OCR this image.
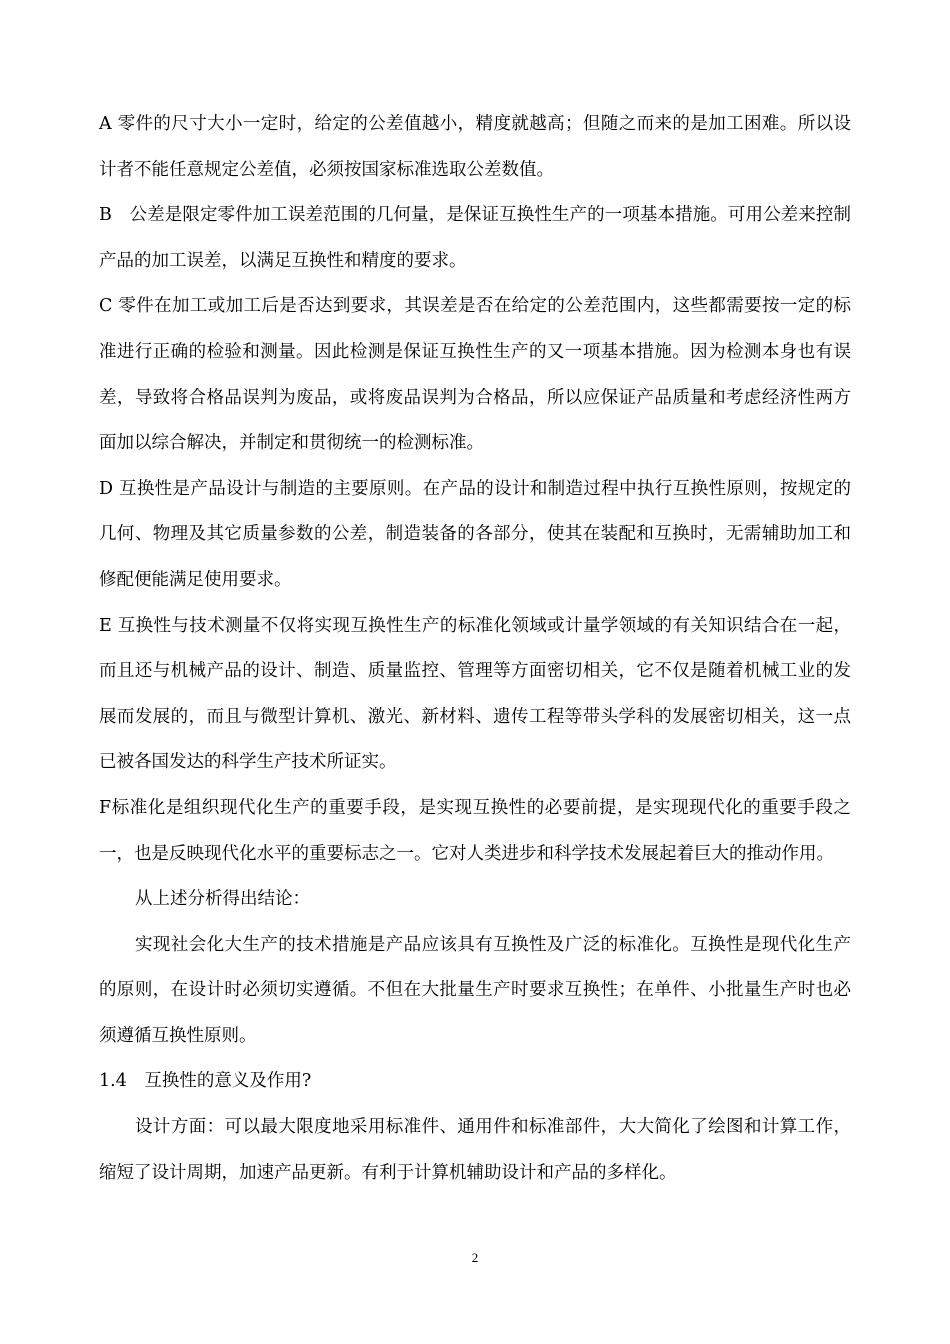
A 零件的尺寸大小一定时，给定的公差值越小，精度就越高；但随之而来的是加工困难。所以设计者不能任意规定公差值，必须按国家标准选取公差数值。

B　公差是限定零件加工误差范围的几何量，是保证互换性生产的一项基本措施。可用公差来控制产品的加工误差，以满足互换性和精度的要求。

C 零件在加工或加工后是否达到要求，其误差是否在给定的公差范围内，这些都需要按一定的标准进行正确的检验和测量。因此检测是保证互换性生产的又一项基本措施。因为检测本身也有误差，导致将合格品误判为废品，或将废品误判为合格品，所以应保证产品质量和考虑经济性两方面加以综合解决，并制定和贯彻统一的检测标准。

D 互换性是产品设计与制造的主要原则。在产品的设计和制造过程中执行互换性原则，按规定的几何、物理及其它质量参数的公差，制造装备的各部分，使其在装配和互换时，无需辅助加工和修配便能满足使用要求。

E 互换性与技术测量不仅将实现互换性生产的标准化领域或计量学领域的有关知识结合在一起，而且还与机械产品的设计、制造、质量监控、管理等方面密切相关，它不仅是随着机械工业的发展而发展的，而且与微型计算机、激光、新材料、遗传工程等带头学科的发展密切相关，这一点已被各国发达的科学生产技术所证实。

F标准化是组织现代化生产的重要手段，是实现互换性的必要前提，是实现现代化的重要手段之一，也是反映现代化水平的重要标志之一。它对人类进步和科学技术发展起着巨大的推动作用。

从上述分析得出结论：

实现社会化大生产的技术措施是产品应该具有互换性及广泛的标准化。互换性是现代化生产的原则，在设计时必须切实遵循。不但在大批量生产时要求互换性；在单件、小批量生产时也必须遵循互换性原则。

1.4　互换性的意义及作用?

设计方面：可以最大限度地采用标准件、通用件和标准部件，大大简化了绘图和计算工作，缩短了设计周期，加速产品更新。有利于计算机辅助设计和产品的多样化。

2
